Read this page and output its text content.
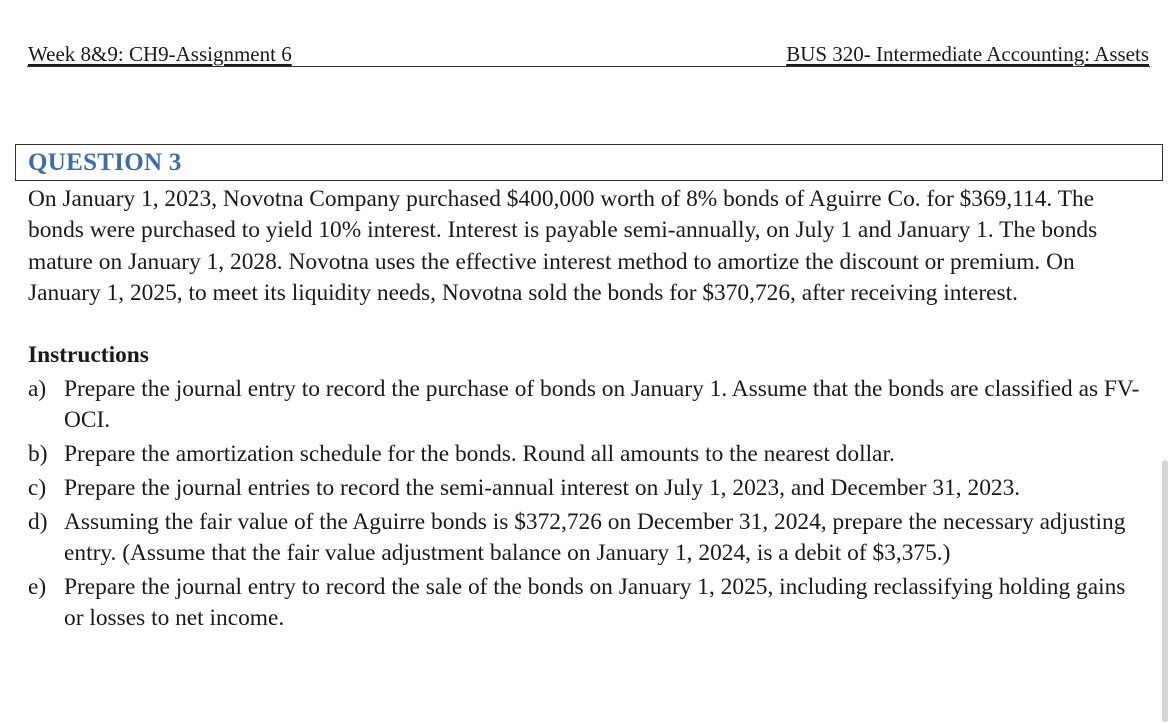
Week 8&9: CH9-Assignment 6	BUS 320- Intermediate Accounting: Assets
QUESTION 3

On January 1, 2023, Novotna Company purchased $400,000 worth of 8% bonds of Aguirre Co. for $369,114. The bonds were purchased to yield 10% interest. Interest is payable semi-annually, on July 1 and January 1. The bonds mature on January 1, 2028. Novotna uses the effective interest method to amortize the discount or premium. On January 1, 2025, to meet its liquidity needs, Novotna sold the bonds for $370,726, after receiving interest.

Instructions
a) Prepare the journal entry to record the purchase of bonds on January 1. Assume that the bonds are classified as FV-OCI.
b) Prepare the amortization schedule for the bonds. Round all amounts to the nearest dollar.
c) Prepare the journal entries to record the semi-annual interest on July 1, 2023, and December 31, 2023.
d) Assuming the fair value of the Aguirre bonds is $372,726 on December 31, 2024, prepare the necessary adjusting entry. (Assume that the fair value adjustment balance on January 1, 2024, is a debit of $3,375.)
e) Prepare the journal entry to record the sale of the bonds on January 1, 2025, including reclassifying holding gains or losses to net income.
